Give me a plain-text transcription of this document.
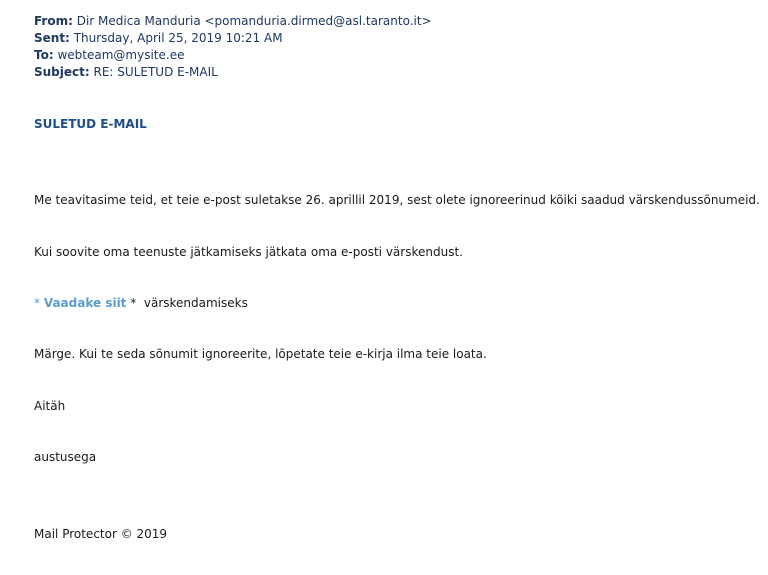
From: Dir Medica Manduria <pomanduria.dirmed@asl.taranto.it>
Sent: Thursday, April 25, 2019 10:21 AM
To: webteam@mysite.ee
Subject: RE: SULETUD E-MAIL
SULETUD E-MAIL
Me teavitasime teid, et teie e-post suletakse 26. aprillil 2019, sest olete ignoreerinud kõiki saadud värskendussõnumeid.
Kui soovite oma teenuste jätkamiseks jätkata oma e-posti värskendust.
* Vaadake siit *  värskendamiseks
Märge. Kui te seda sõnumit ignoreerite, lõpetate teie e-kirja ilma teie loata.
Aitäh
austusega
Mail Protector © 2019
